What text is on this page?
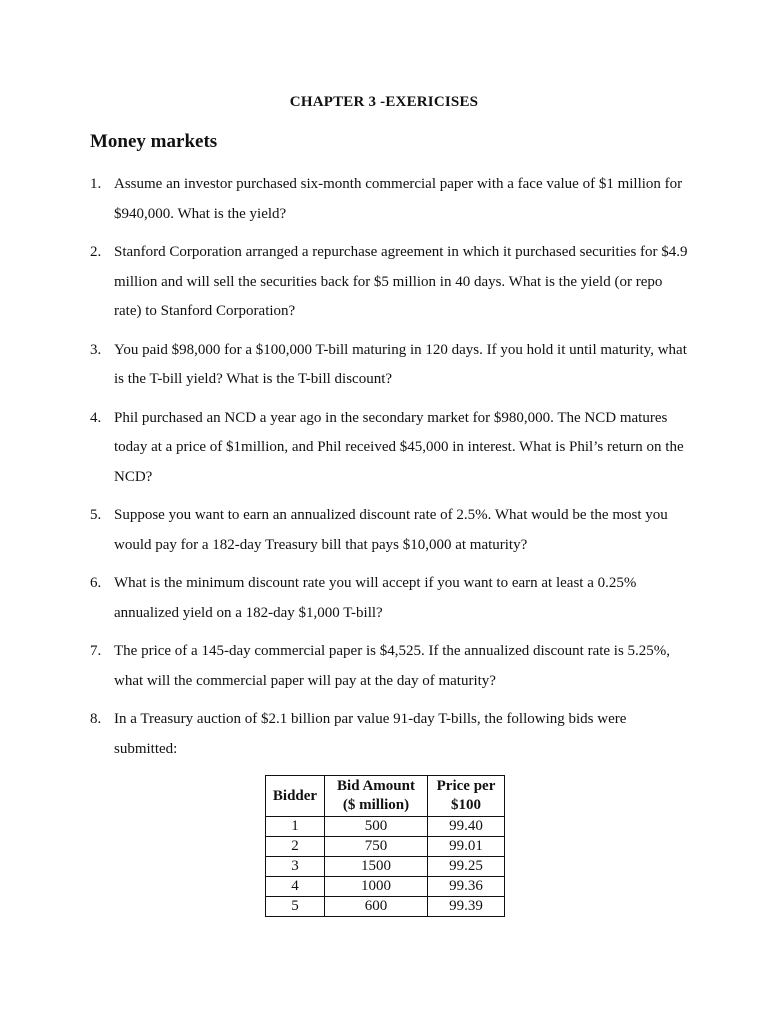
CHAPTER 3 -EXERICISES
Money markets
1. Assume an investor purchased six-month commercial paper with a face value of $1 million for $940,000. What is the yield?
2. Stanford Corporation arranged a repurchase agreement in which it purchased securities for $4.9 million and will sell the securities back for $5 million in 40 days. What is the yield (or repo rate) to Stanford Corporation?
3. You paid $98,000 for a $100,000 T-bill maturing in 120 days. If you hold it until maturity, what is the T-bill yield? What is the T-bill discount?
4. Phil purchased an NCD a year ago in the secondary market for $980,000. The NCD matures today at a price of $1million, and Phil received $45,000 in interest. What is Phil’s return on the NCD?
5. Suppose you want to earn an annualized discount rate of 2.5%. What would be the most you would pay for a 182-day Treasury bill that pays $10,000 at maturity?
6. What is the minimum discount rate you will accept if you want to earn at least a 0.25% annualized yield on a 182-day $1,000 T-bill?
7. The price of a 145-day commercial paper is $4,525. If the annualized discount rate is 5.25%, what will the commercial paper will pay at the day of maturity?
8. In a Treasury auction of $2.1 billion par value 91-day T-bills, the following bids were submitted:
Bidder	Bid Amount ($ million)	Price per $100
1	500	99.40
2	750	99.01
3	1500	99.25
4	1000	99.36
5	600	99.39
